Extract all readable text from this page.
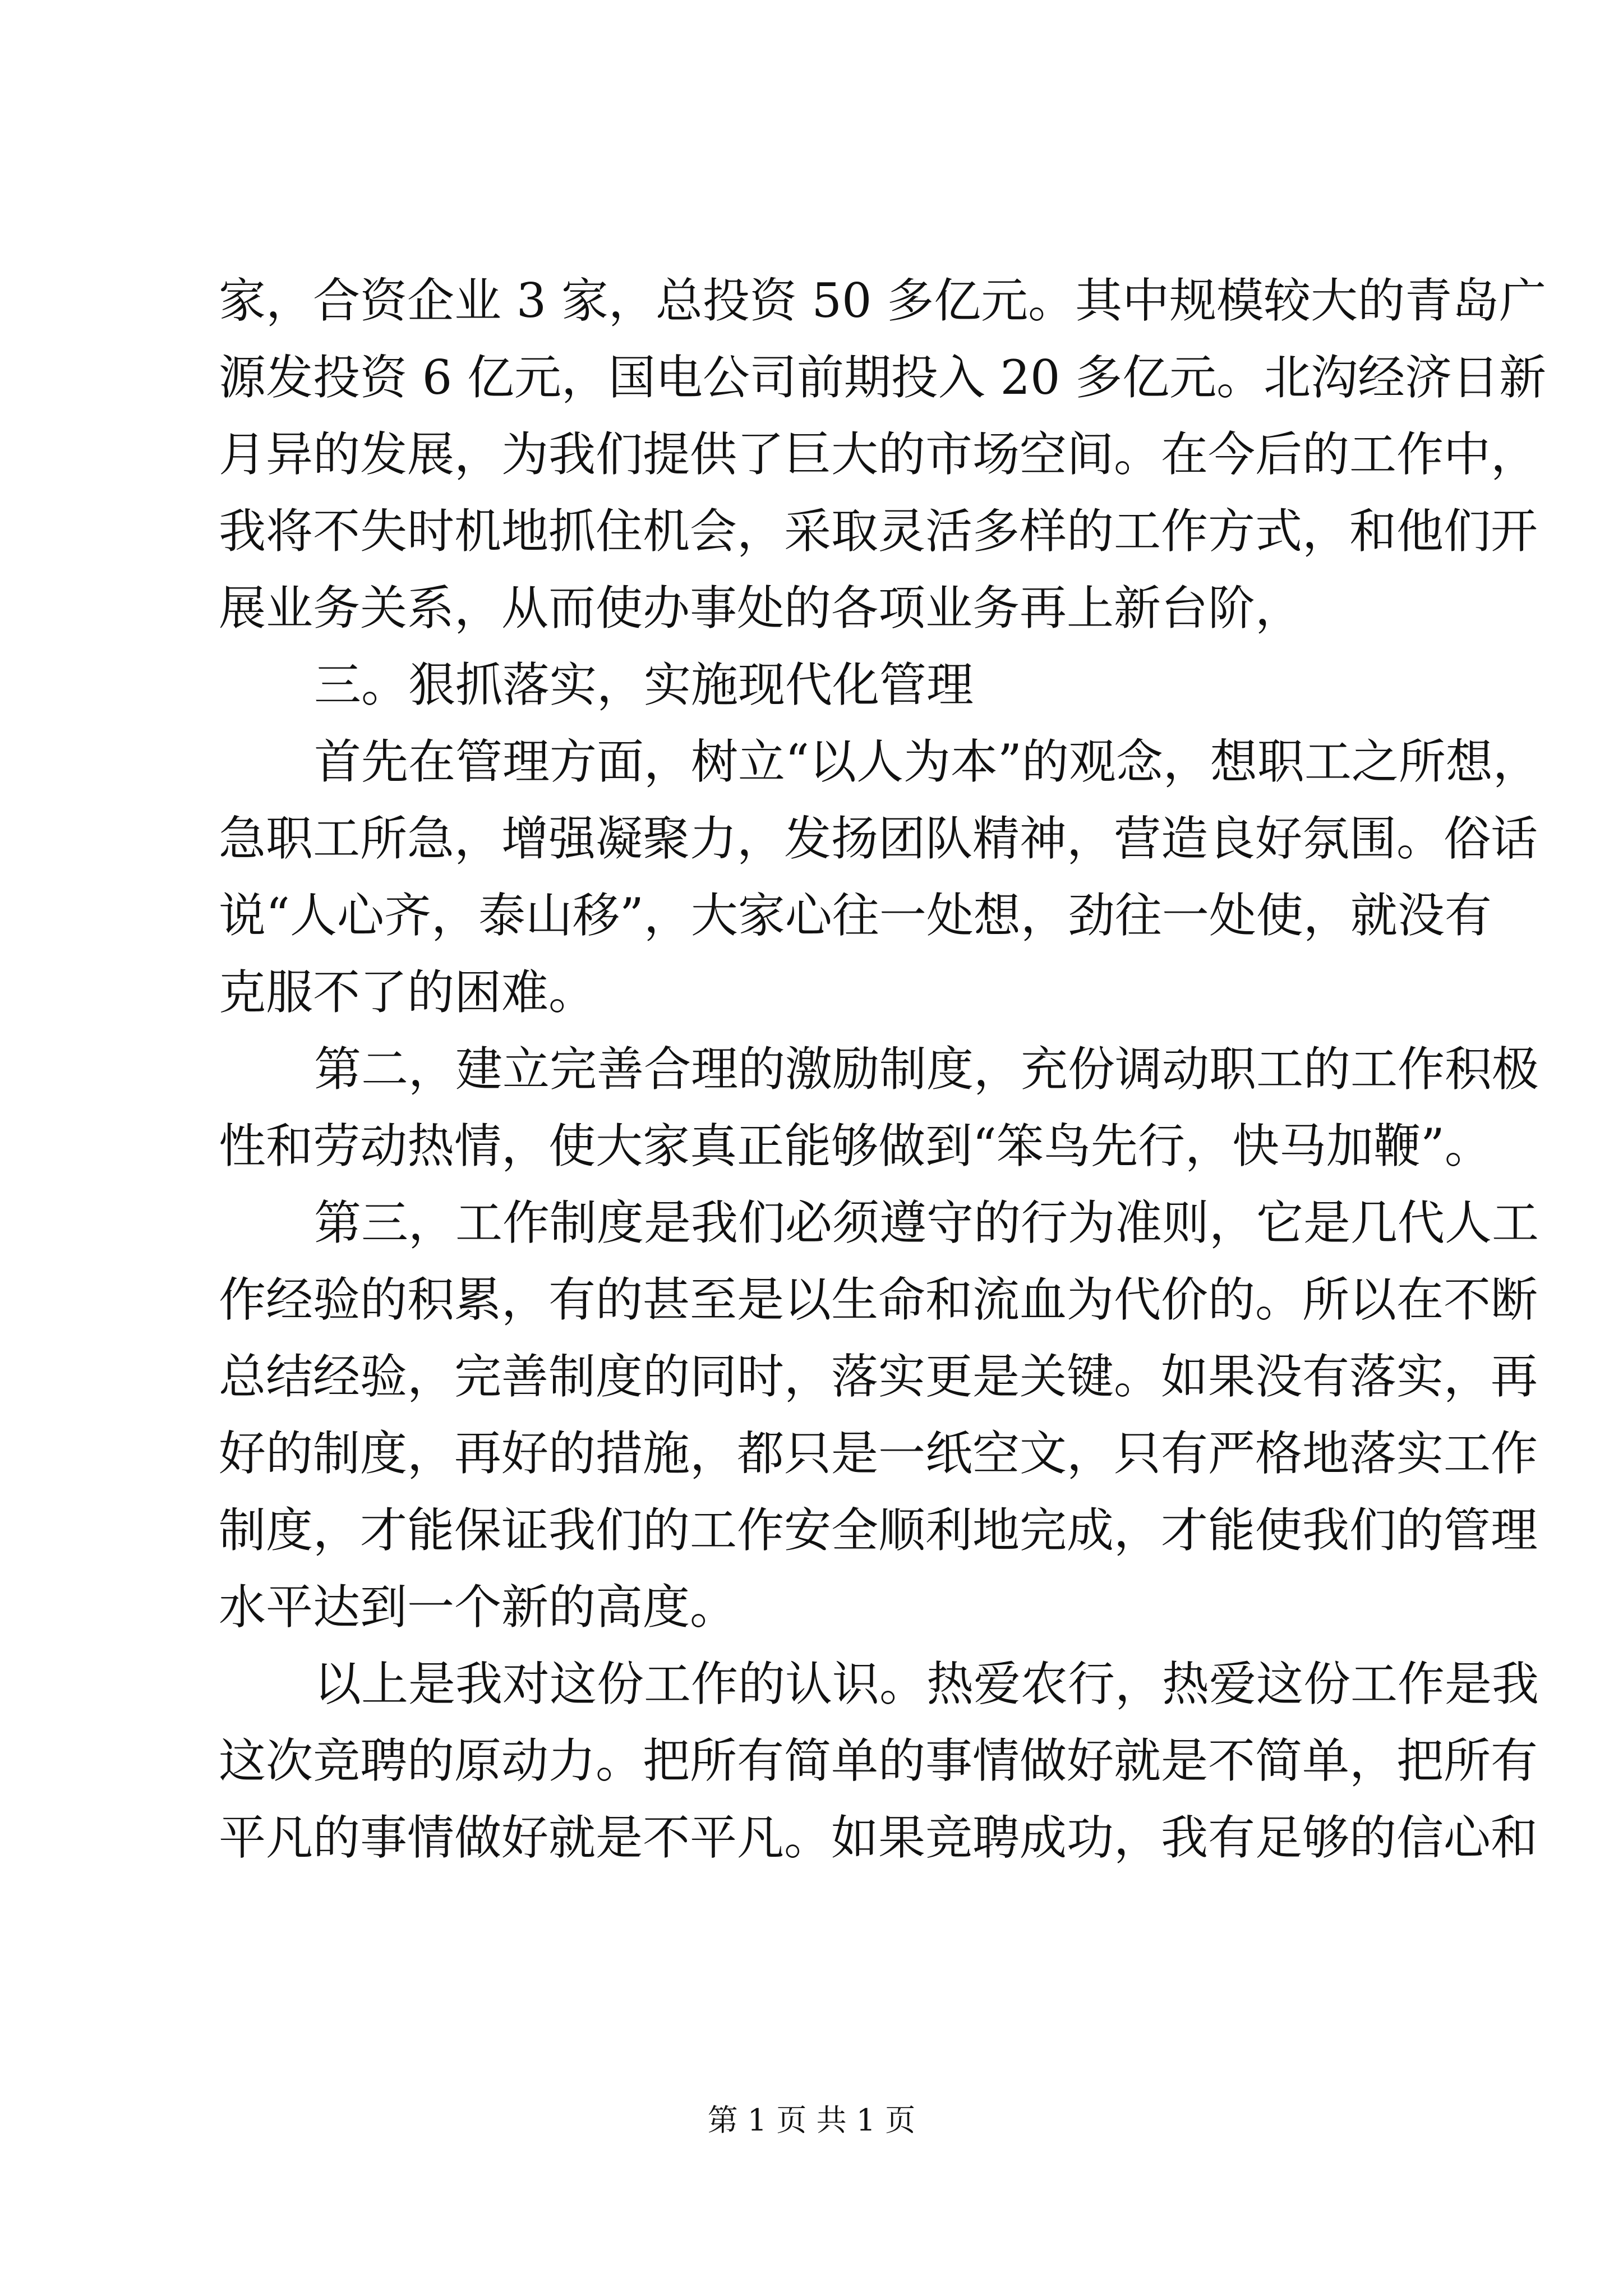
家，合资企业 3 家，总投资 50 多亿元。其中规模较大的青岛广
源发投资 6 亿元，国电公司前期投入 20 多亿元。北沟经济日新
月异的发展，为我们提供了巨大的市场空间。在今后的工作中，
我将不失时机地抓住机会，采取灵活多样的工作方式，和他们开
展业务关系，从而使办事处的各项业务再上新台阶，
三。狠抓落实，实施现代化管理
首先在管理方面，树立“以人为本”的观念，想职工之所想，
急职工所急，增强凝聚力，发扬团队精神，营造良好氛围。俗话
说“人心齐，泰山移”，大家心往一处想，劲往一处使，就没有
克服不了的困难。
第二，建立完善合理的激励制度，充份调动职工的工作积极
性和劳动热情，使大家真正能够做到“笨鸟先行，快马加鞭”。
第三，工作制度是我们必须遵守的行为准则，它是几代人工
作经验的积累，有的甚至是以生命和流血为代价的。所以在不断
总结经验，完善制度的同时，落实更是关键。如果没有落实，再
好的制度，再好的措施，都只是一纸空文，只有严格地落实工作
制度，才能保证我们的工作安全顺利地完成，才能使我们的管理
水平达到一个新的高度。
以上是我对这份工作的认识。热爱农行，热爱这份工作是我
这次竞聘的原动力。把所有简单的事情做好就是不简单，把所有
平凡的事情做好就是不平凡。如果竞聘成功，我有足够的信心和
第 1 页 共 1 页
